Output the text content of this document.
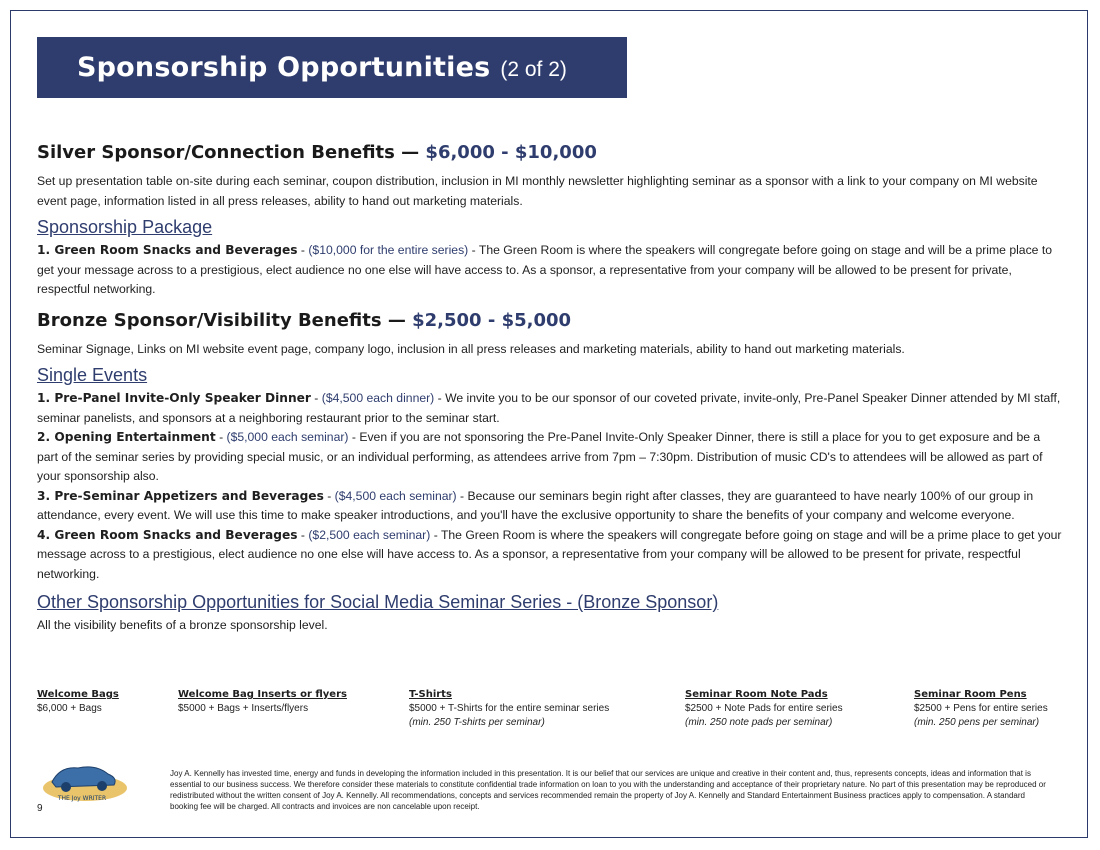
Sponsorship Opportunities (2 of 2)
Silver Sponsor/Connection Benefits — $6,000 - $10,000

Set up presentation table on-site during each seminar, coupon distribution, inclusion in MI monthly newsletter highlighting seminar as a sponsor with a link to your company on MI website event page, information listed in all press releases, ability to hand out marketing materials.

Sponsorship Package

1. Green Room Snacks and Beverages - ($10,000 for the entire series) - The Green Room is where the speakers will congregate before going on stage and will be a prime place to get your message across to a prestigious, elect audience no one else will have access to. As a sponsor, a representative from your company will be allowed to be present for private, respectful networking.

Bronze Sponsor/Visibility Benefits — $2,500 - $5,000

Seminar Signage, Links on MI website event page, company logo, inclusion in all press releases and marketing materials, ability to hand out marketing materials.

Single Events

1. Pre-Panel Invite-Only Speaker Dinner - ($4,500 each dinner) - We invite you to be our sponsor of our coveted private, invite-only, Pre-Panel Speaker Dinner attended by MI staff, seminar panelists, and sponsors at a neighboring restaurant prior to the seminar start.

2. Opening Entertainment - ($5,000 each seminar) - Even if you are not sponsoring the Pre-Panel Invite-Only Speaker Dinner, there is still a place for you to get exposure and be a part of the seminar series by providing special music, or an individual performing, as attendees arrive from 7pm – 7:30pm. Distribution of music CD's to attendees will be allowed as part of your sponsorship also.

3. Pre-Seminar Appetizers and Beverages - ($4,500 each seminar) - Because our seminars begin right after classes, they are guaranteed to have nearly 100% of our group in attendance, every event. We will use this time to make speaker introductions, and you'll have the exclusive opportunity to share the benefits of your company and welcome everyone.

4. Green Room Snacks and Beverages - ($2,500 each seminar) - The Green Room is where the speakers will congregate before going on stage and will be a prime place to get your message across to a prestigious, elect audience no one else will have access to. As a sponsor, a representative from your company will be allowed to be present for private, respectful networking.

Other Sponsorship Opportunities for Social Media Seminar Series - (Bronze Sponsor)

All the visibility benefits of a bronze sponsorship level.

Welcome Bags
$6,000 + Bags
Welcome Bag Inserts or flyers
$5000 + Bags + Inserts/flyers
T-Shirts
$5000 + T-Shirts for the entire seminar series
(min. 250 T-shirts per seminar)
Seminar Room Note Pads
$2500 + Note Pads for entire series
(min. 250 note pads per seminar)
Seminar Room Pens
$2500 + Pens for entire series
(min. 250 pens per seminar)
THE Joy WRITER
9
Joy A. Kennelly has invested time, energy and funds in developing the information included in this presentation. It is our belief that our services are unique and creative in their content and, thus, represents concepts, ideas and information that is essential to our business success. We therefore consider these materials to constitute confidential trade information on loan to you with the understanding and acceptance of their proprietary nature. No part of this presentation may be reproduced or redistributed without the written consent of Joy A. Kennelly. All recommendations, concepts and services recommended remain the property of Joy A. Kennelly and Standard Entertainment Business practices apply to compensation. A standard booking fee will be charged. All contracts and invoices are non cancelable upon receipt.
